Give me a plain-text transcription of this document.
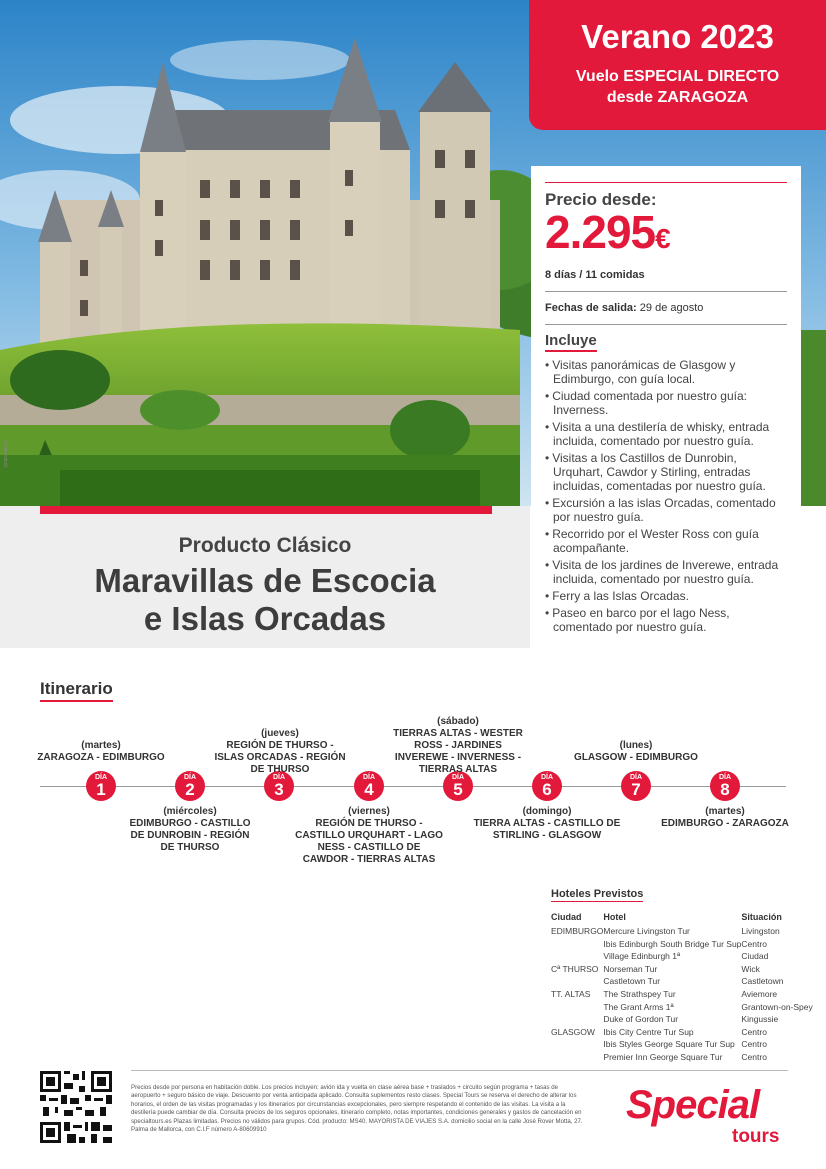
Shutterstock
Verano 2023
Vuelo ESPECIAL DIRECTO
desde ZARAGOZA
Producto Clásico
Maravillas de Escocia
e Islas Orcadas
Precio desde:
2.295€
8 días / 11 comidas
Fechas de salida: 29 de agosto
Incluye
• Visitas panorámicas de Glasgow y Edimburgo, con guía local.
• Ciudad comentada por nuestro guía: Inverness.
• Visita a una destilería de whisky, entrada incluida, comentado por nuestro guía.
• Visitas a los Castillos de Dunrobin, Urquhart, Cawdor y Stirling, entradas incluidas, comentadas por nuestro guía.
• Excursión a las islas Orcadas, comentado por nuestro guía.
• Recorrido por el Wester Ross con guía acompañante.
• Visita de los jardines de Inverewe, entrada incluida, comentado por nuestro guía.
• Ferry a las Islas Orcadas.
• Paseo en barco por el lago Ness, comentado por nuestro guía.
Itinerario
DÍA
1
DÍA
2
DÍA
3
DÍA
4
DÍA
5
DÍA
6
DÍA
7
DÍA
8
(martes)
ZARAGOZA - EDIMBURGO
(jueves)
REGIÓN DE THURSO - ISLAS ORCADAS - REGIÓN DE THURSO
(sábado)
TIERRAS ALTAS - WESTER ROSS - JARDINES INVEREWE - INVERNESS - TIERRAS ALTAS
(lunes)
GLASGOW - EDIMBURGO
(miércoles)
EDIMBURGO - CASTILLO DE DUNROBIN - REGIÓN DE THURSO
(viernes)
REGIÓN DE THURSO - CASTILLO URQUHART - LAGO NESS - CASTILLO DE CAWDOR - TIERRAS ALTAS
(domingo)
TIERRA ALTAS - CASTILLO DE STIRLING - GLASGOW
(martes)
EDIMBURGO - ZARAGOZA
Hoteles Previstos
Ciudad	Hotel	Situación
EDIMBURGO	Mercure Livingston Tur	Livingston
	Ibis Edinburgh South Bridge Tur Sup	Centro
	Village Edinburgh 1ª	Ciudad
Cª THURSO	Norseman Tur	Wick
	Castletown Tur	Castletown
TT. ALTAS	The Strathspey Tur	Aviemore
	The Grant Arms 1ª	Grantown-on-Spey
	Duke of Gordon Tur	Kingussie
GLASGOW	Ibis City Centre Tur Sup	Centro
	Ibis Styles George Square Tur Sup	Centro
	Premier Inn George Square Tur	Centro
Precios desde por persona en habitación doble. Los precios incluyen: avión ida y vuelta en clase aérea base + traslados + circuito según programa + tasas de aeropuerto + seguro básico de viaje. Descuento por venta anticipada aplicado. Consulta suplementos resto clases. Special Tours se reserva el derecho de alterar los horarios, el orden de las visitas programadas y los itinerarios por circunstancias excepcionales, pero siempre respetando el contenido de las visitas. La visita a la destilería puede cambiar de día. Consulta precios de los seguros opcionales, itinerario completo, notas importantes, condiciones generales y gastos de cancelación en specialtours.es Plazas limitadas. Precios no válidos para grupos. Cód. producto: MS40. MAYORISTA DE VIAJES S.A. domicilio social en la calle José Rover Motta, 27. Palma de Mallorca, con C.I.F número A-80609910
Special
tours
